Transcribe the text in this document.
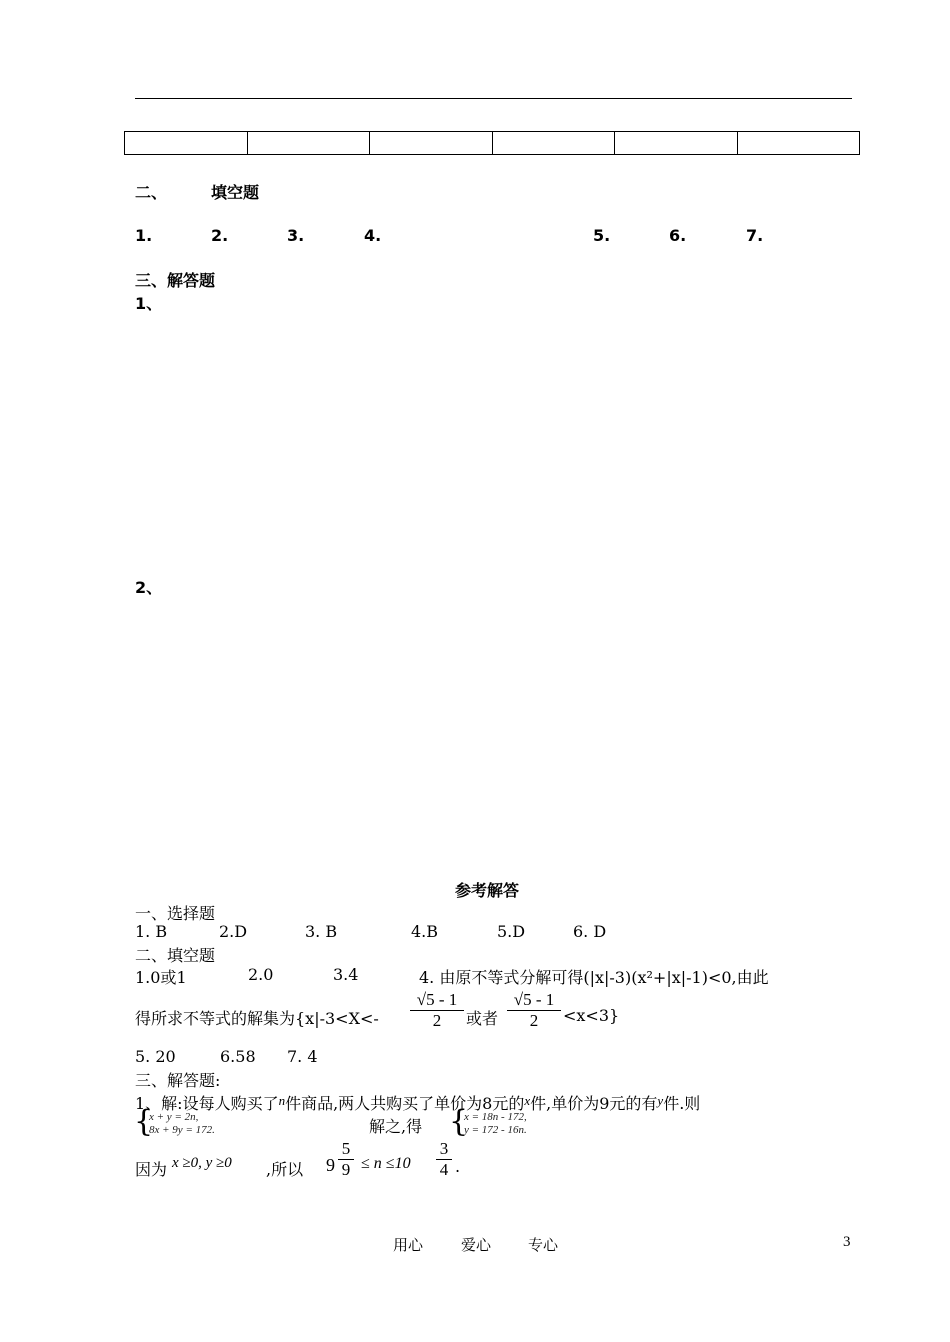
二、	填空题
1.	2.	3.	4.	5.	6.	7.
三、解答题
1、
2、
参考解答
一、选择题
1. B	2.D	3. B	4.B	5.D	6. D
二、填空题
1.0或1	2.0	3.4	4. 由原不等式分解可得(|x|-3)(x²+|x|-1)<0,由此
得所求不等式的解集为{x|-3<X<-
√5 - 1
2	或者
√5 - 1
2	<x<3}
5. 20	6.58 7. 4
三、解答题:
1、解:设每人购买了$^n$件商品,两人共购买了单价为8元的$^x$件,单价为9元的有$^y$件.则
{
x + y = 2n,
8x + 9y = 172.	解之,得 {
x = 18n - 172,
y = 172 - 16n.
因为 x ≥0, y ≥0 ,所以 9
5
9 ≤ n ≤10
3
4 .
用心	爱心 专心	3
